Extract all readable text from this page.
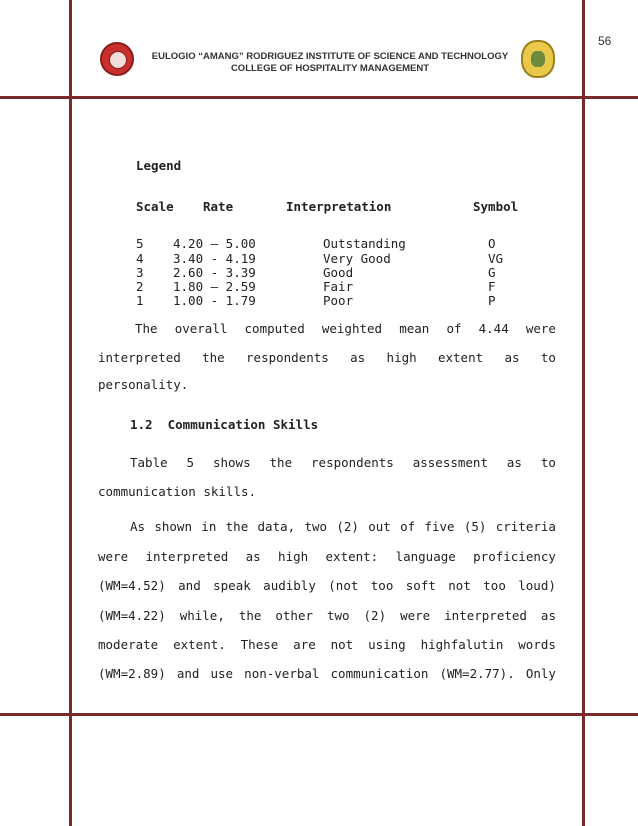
56
EULOGIO “AMANG” RODRIGUEZ INSTITUTE OF SCIENCE AND TECHNOLOGY
COLLEGE OF HOSPITALITY MANAGEMENT
Legend
Scale Rate	Interpretation	Symbol
5 4.20 – 5.00	Outstanding	O
4 3.40 - 4.19	Very Good	VG
3 2.60 - 3.39	Good	G
2 1.80 – 2.59	Fair	F
1 1.00 - 1.79	Poor	P
The overall computed weighted mean of 4.44 were
interpreted the respondents as high extent as to
personality.
1.2  Communication Skills
Table 5 shows the respondents assessment as to
communication skills.
As shown in the data, two (2) out of five (5) criteria
were interpreted as high extent: language proficiency
(WM=4.52) and speak audibly (not too soft not too loud)
(WM=4.22) while, the other two (2) were interpreted as
moderate extent. These are not using highfalutin words
(WM=2.89) and use non-verbal communication (WM=2.77). Only
